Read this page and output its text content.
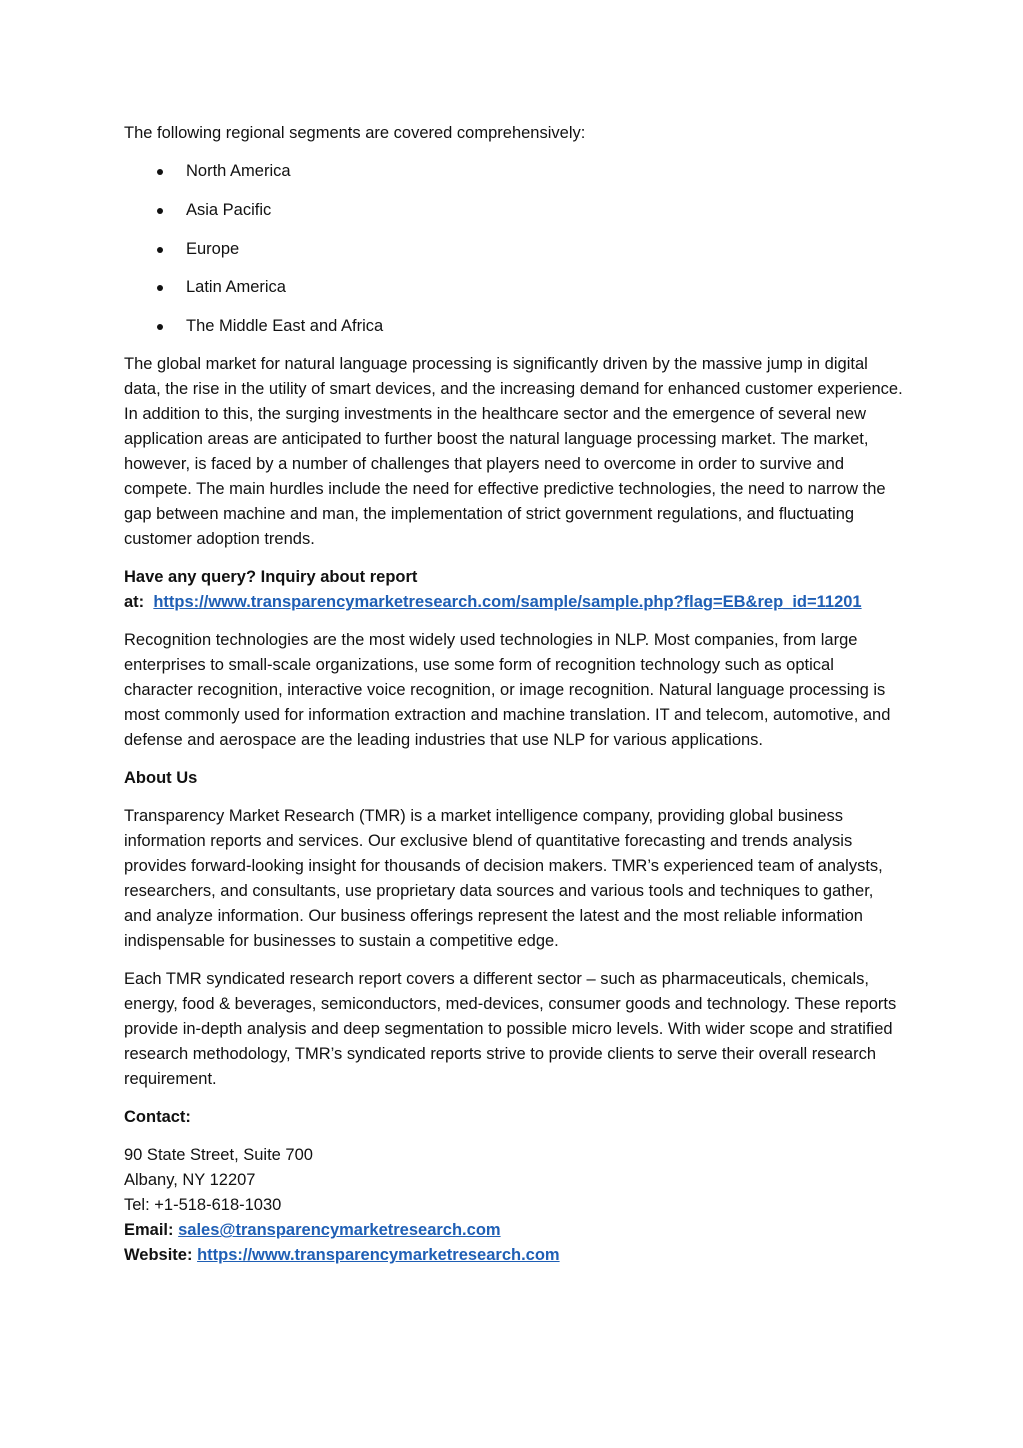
The following regional segments are covered comprehensively:

North America
Asia Pacific
Europe
Latin America
The Middle East and Africa

The global market for natural language processing is significantly driven by the massive jump in digital data, the rise in the utility of smart devices, and the increasing demand for enhanced customer experience. In addition to this, the surging investments in the healthcare sector and the emergence of several new application areas are anticipated to further boost the natural language processing market. The market, however, is faced by a number of challenges that players need to overcome in order to survive and compete. The main hurdles include the need for effective predictive technologies, the need to narrow the gap between machine and man, the implementation of strict government regulations, and fluctuating customer adoption trends.

Have any query? Inquiry about report
at: https://www.transparencymarketresearch.com/sample/sample.php?flag=EB&rep_id=11201

Recognition technologies are the most widely used technologies in NLP. Most companies, from large enterprises to small-scale organizations, use some form of recognition technology such as optical character recognition, interactive voice recognition, or image recognition. Natural language processing is most commonly used for information extraction and machine translation. IT and telecom, automotive, and defense and aerospace are the leading industries that use NLP for various applications.

About Us

Transparency Market Research (TMR) is a market intelligence company, providing global business information reports and services. Our exclusive blend of quantitative forecasting and trends analysis provides forward-looking insight for thousands of decision makers. TMR’s experienced team of analysts, researchers, and consultants, use proprietary data sources and various tools and techniques to gather, and analyze information. Our business offerings represent the latest and the most reliable information indispensable for businesses to sustain a competitive edge.

Each TMR syndicated research report covers a different sector – such as pharmaceuticals, chemicals, energy, food & beverages, semiconductors, med-devices, consumer goods and technology. These reports provide in-depth analysis and deep segmentation to possible micro levels. With wider scope and stratified research methodology, TMR’s syndicated reports strive to provide clients to serve their overall research requirement.

Contact:

90 State Street, Suite 700

Albany, NY 12207

Tel: +1-518-618-1030

Email: sales@transparencymarketresearch.com

Website: https://www.transparencymarketresearch.com
